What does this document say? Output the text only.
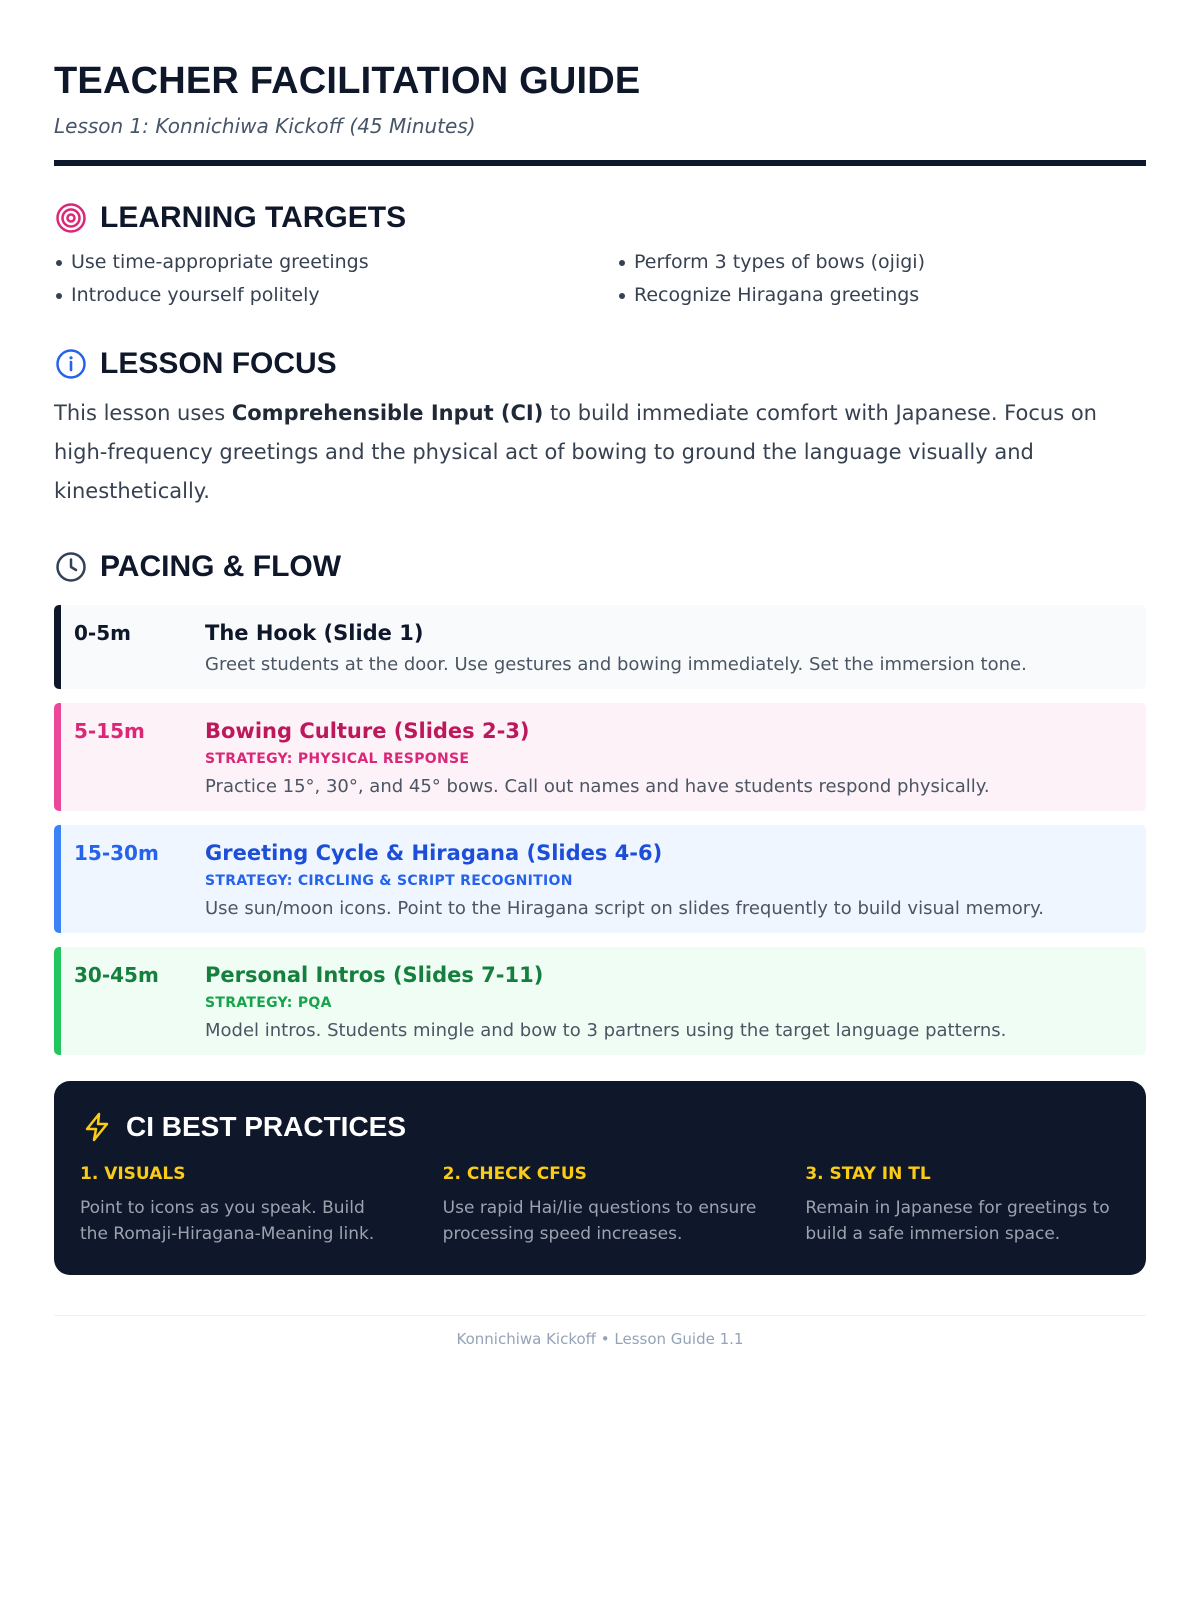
TEACHER FACILITATION GUIDE
Lesson 1: Konnichiwa Kickoff (45 Minutes)
LEARNING TARGETS
Use time-appropriate greetings	Perform 3 types of bows (ojigi)
Introduce yourself politely	Recognize Hiragana greetings
LESSON FOCUS
This lesson uses Comprehensible Input (CI) to build immediate comfort with Japanese. Focus on high-frequency greetings and the physical act of bowing to ground the language visually and kinesthetically.
PACING & FLOW
0-5m	The Hook (Slide 1)
Greet students at the door. Use gestures and bowing immediately. Set the immersion tone.
5-15m	Bowing Culture (Slides 2-3)
STRATEGY: PHYSICAL RESPONSE
Practice 15°, 30°, and 45° bows. Call out names and have students respond physically.
15-30m	Greeting Cycle & Hiragana (Slides 4-6)
STRATEGY: CIRCLING & SCRIPT RECOGNITION
Use sun/moon icons. Point to the Hiragana script on slides frequently to build visual memory.
30-45m	Personal Intros (Slides 7-11)
STRATEGY: PQA
Model intros. Students mingle and bow to 3 partners using the target language patterns.
CI BEST PRACTICES
1. VISUALS
Point to icons as you speak. Build the Romaji-Hiragana-Meaning link.
2. CHECK CFUS
Use rapid Hai/Iie questions to ensure processing speed increases.
3. STAY IN TL
Remain in Japanese for greetings to build a safe immersion space.
Konnichiwa Kickoff • Lesson Guide 1.1
